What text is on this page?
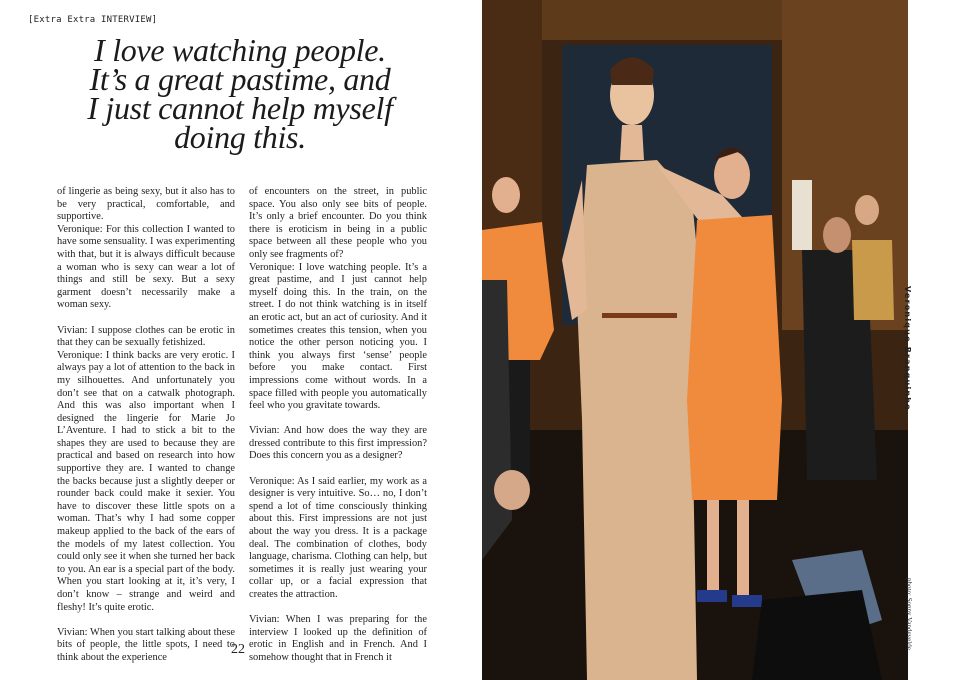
[Extra Extra INTERVIEW]
I love watching people.
It’s a great pastime, and
I just cannot help myself
doing this.

of lingerie as being sexy, but it also has to be very practical, comfortable, and supportive.

Veronique: For this collection I wanted to have some sensuality. I was experimenting with that, but it is always difficult because a woman who is sexy can wear a lot of things and still be sexy. But a sexy garment doesn’t necessarily make a woman sexy.

Vivian: I suppose clothes can be erotic in that they can be sexually fetishized.

Veronique: I think backs are very erotic. I always pay a lot of attention to the back in my silhouettes. And unfortunately you don’t see that on a catwalk photograph. And this was also important when I designed the lingerie for Marie Jo L’Aventure. I had to stick a bit to the shapes they are used to because they are practical and based on research into how supportive they are. I wanted to change the backs because just a slightly deeper or rounder back could make it sexier. You have to discover these little spots on a woman. That’s why I had some copper makeup applied to the back of the ears of the models of my latest collection. You could only see it when she turned her back to you. An ear is a special part of the body. When you start looking at it, it’s very, I don’t know – strange and weird and fleshy! It’s quite erotic.

Vivian: When you start talking about these bits of people, the little spots, I need to think about the experience

of encounters on the street, in public space. You also only see bits of people. It’s only a brief encounter. Do you think there is eroticism in being in a public space between all these people who you only see fragments of?

Veronique: I love watching people. It’s a great pastime, and I just cannot help myself doing this. In the train, on the street. I do not think watching is in itself an erotic act, but an act of curiosity. And it sometimes creates this tension, when you notice the other person noticing you. I think you always first ‘sense’ people before you make contact. First impressions come without words. In a space filled with people you automatically feel who you gravitate towards.

Vivian: And how does the way they are dressed contribute to this first impression? Does this concern you as a designer?

Veronique: As I said earlier, my work as a designer is very intuitive. So… no, I don’t spend a lot of time consciously thinking about this. First impressions are not just about the way you dress. It is a package deal. The combination of clothes, body language, charisma. Clothing can help, but sometimes it is really just wearing your collar up, or a facial expression that creates the attraction.

Vivian: When I was preparing for the interview I looked up the definition of erotic in English and in French. And I somehow thought that in French it

22
Veronique
photo: Sonny Vandevelde
